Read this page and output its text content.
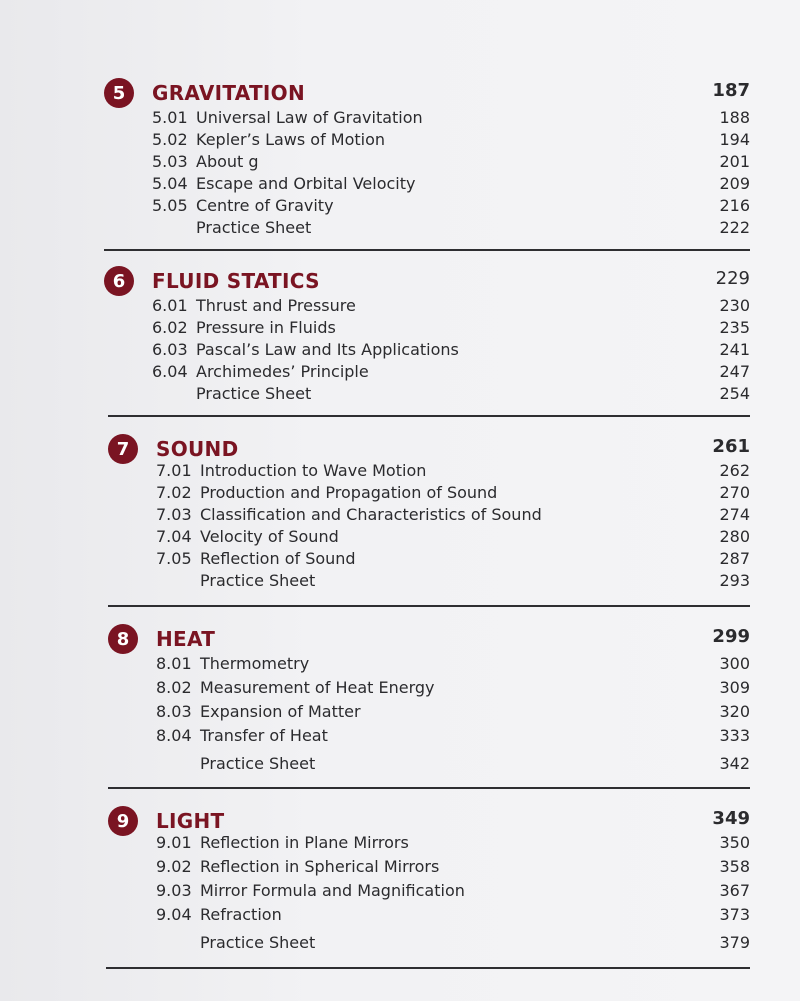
5	GRAVITATION	187
5.01 Universal Law of Gravitation	188
5.02 Kepler’s Laws of Motion	194
5.03 About g	201
5.04 Escape and Orbital Velocity	209
5.05 Centre of Gravity	216
Practice Sheet	222
6	FLUID STATICS	229
6.01 Thrust and Pressure	230
6.02 Pressure in Fluids	235
6.03 Pascal’s Law and Its Applications	241
6.04 Archimedes’ Principle	247
Practice Sheet	254
7	SOUND	261
7.01 Introduction to Wave Motion	262
7.02 Production and Propagation of Sound	270
7.03 Classification and Characteristics of Sound	274
7.04 Velocity of Sound	280
7.05 Reflection of Sound	287
Practice Sheet	293
8	HEAT	299
8.01 Thermometry	300
8.02 Measurement of Heat Energy	309
8.03 Expansion of Matter	320
8.04 Transfer of Heat	333
Practice Sheet	342
9	LIGHT	349
9.01 Reflection in Plane Mirrors	350
9.02 Reflection in Spherical Mirrors	358
9.03 Mirror Formula and Magnification	367
9.04 Refraction	373
Practice Sheet	379
